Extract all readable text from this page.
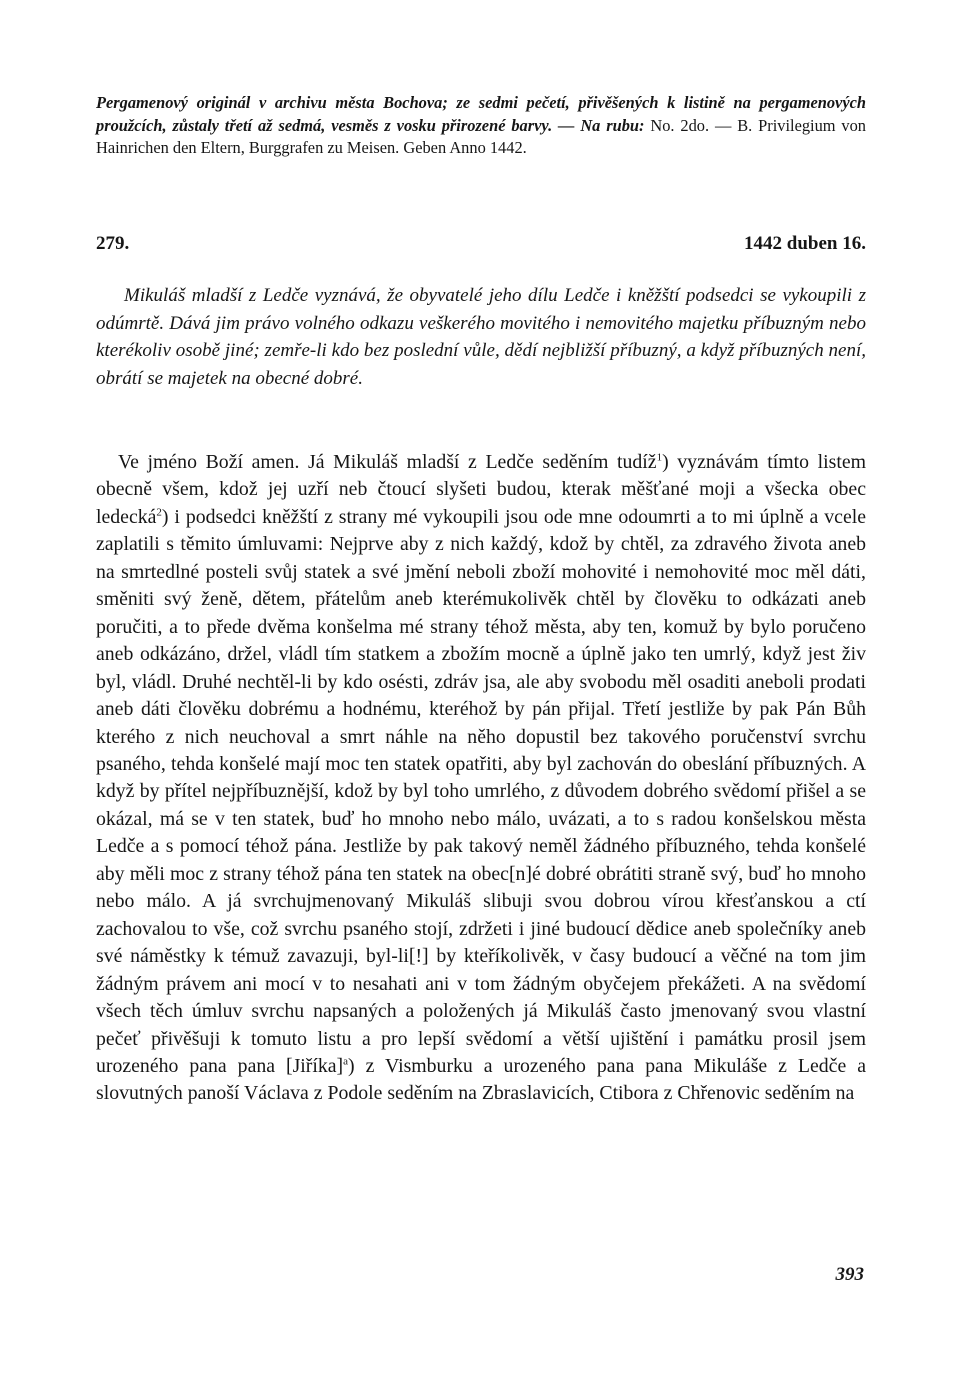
Pergamenový originál v archivu města Bochova; ze sedmi pečetí, přivěšených k listině na pergamenových proužcích, zůstaly třetí až sedmá, vesměs z vosku přirozené barvy. — Na rubu: No. 2do. — B. Privilegium von Hainrichen den Eltern, Burggrafen zu Meisen. Geben Anno 1442.

279.	1442 duben 16.

Mikuláš mladší z Ledče vyznává, že obyvatelé jeho dílu Ledče i kněžští podsedci se vykoupili z odúmrtě. Dává jim právo volného odkazu veškerého movitého i nemovitého majetku příbuzným nebo kterékoliv osobě jiné; zemře-li kdo bez poslední vůle, dědí nejbližší příbuzný, a když příbuzných není, obrátí se majetek na obecné dobré.

Ve jméno Boží amen. Já Mikuláš mladší z Ledče seděním tudíž$^1$) vyznávám tímto listem obecně všem, kdož jej uzří neb čtoucí slyšeti budou, kterak měšťané moji a všecka obec ledecká$^2$) i podsedci kněžští z strany mé vykoupili jsou ode mne odoumrti a to mi úplně a vcele zaplatili s těmito úmluvami: Nejprve aby z nich každý, kdož by chtěl, za zdravého života aneb na smrtedlné posteli svůj statek a své jmění neboli zboží mohovité i nemohovité moc měl dáti, směniti svý ženě, dětem, přátelům aneb kterémukolivěk chtěl by člověku to odkázati aneb poručiti, a to přede dvěma konšelma mé strany téhož města, aby ten, komuž by bylo poručeno aneb odkázáno, držel, vládl tím statkem a zbožím mocně a úplně jako ten umrlý, když jest živ byl, vládl. Druhé nechtěl-li by kdo osésti, zdráv jsa, ale aby svobodu měl osaditi aneboli prodati aneb dáti člověku dobrému a hodnému, kteréhož by pán přijal. Třetí jestliže by pak Pán Bůh kterého z nich neuchoval a smrt náhle na něho dopustil bez takového poručenství svrchu psaného, tehda konšelé mají moc ten statek opatřiti, aby byl zachován do obeslání příbuzných. A když by přítel nejpříbuznější, kdož by byl toho umrlého, z důvodem dobrého svědomí přišel a se okázal, má se v ten statek, buď ho mnoho nebo málo, uvázati, a to s radou konšelskou města Ledče a s pomocí téhož pána. Jestliže by pak takový neměl žádného příbuzného, tehda konšelé aby měli moc z strany téhož pána ten statek na obec[n]é dobré obrátiti straně svý, buď ho mnoho nebo málo. A já svrchujmenovaný Mikuláš slibuji svou dobrou vírou křesťanskou a ctí zachovalou to vše, což svrchu psaného stojí, zdržeti i jiné budoucí dědice aneb společníky aneb své náměstky k témuž zavazuji, byl-li[!] by kteříkolivěk, v časy budoucí a věčné na tom jim žádným právem ani mocí v to nesahati ani v tom žádným obyčejem překážeti. A na svědomí všech těch úmluv svrchu napsaných a položených já Mikuláš často jmenovaný svou vlastní pečeť přivěšuji k tomuto listu a pro lepší svědomí a větší ujištění i památku prosil jsem urozeného pana pana [Jiříka]$^a$) z Vismburku a urozeného pana pana Mikuláše z Ledče a slovutných panoší Václava z Podole seděním na Zbraslavicích, Ctibora z Chřenovic seděním na

393
